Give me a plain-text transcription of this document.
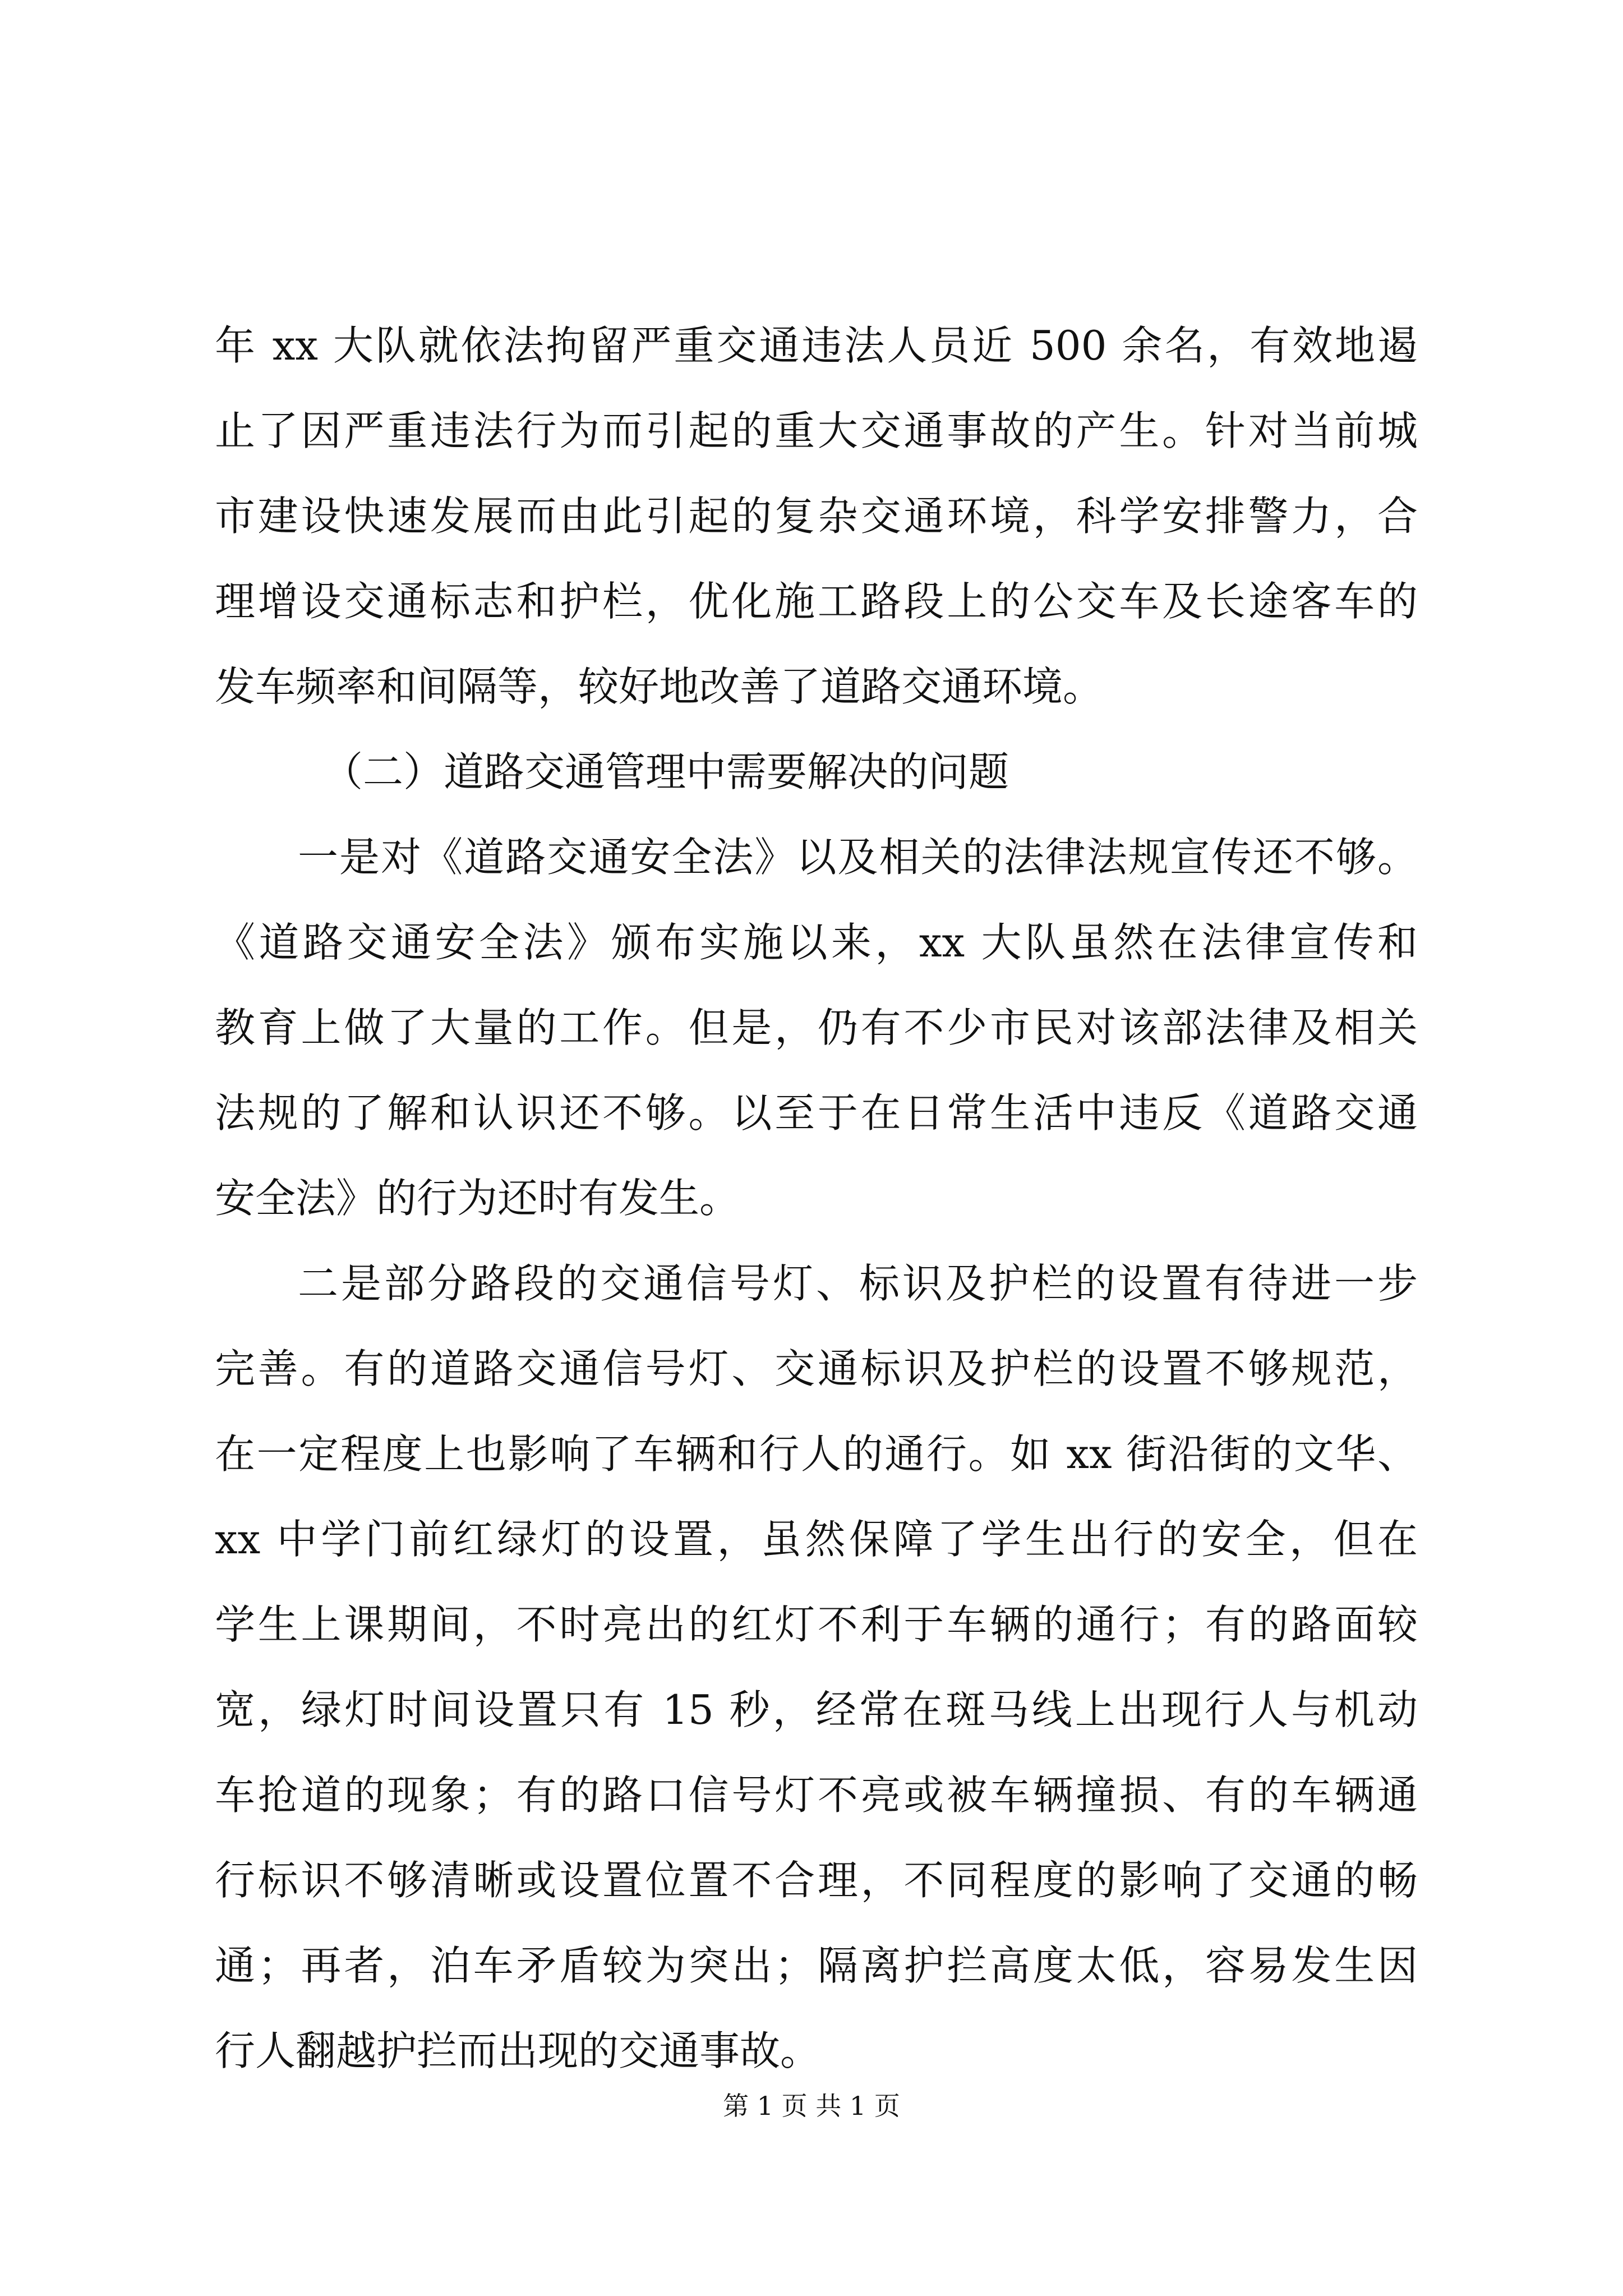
年 xx 大队就依法拘留严重交通违法人员近 500 余名，有效地遏
止了因严重违法行为而引起的重大交通事故的产生。针对当前城
市建设快速发展而由此引起的复杂交通环境，科学安排警力，合
理增设交通标志和护栏，优化施工路段上的公交车及长途客车的
发车频率和间隔等，较好地改善了道路交通环境。
（二）道路交通管理中需要解决的问题
一是对《道路交通安全法》以及相关的法律法规宣传还不够。
《道路交通安全法》颁布实施以来，xx 大队虽然在法律宣传和
教育上做了大量的工作。但是，仍有不少市民对该部法律及相关
法规的了解和认识还不够。以至于在日常生活中违反《道路交通
安全法》的行为还时有发生。
二是部分路段的交通信号灯、标识及护栏的设置有待进一步
完善。有的道路交通信号灯、交通标识及护栏的设置不够规范，
在一定程度上也影响了车辆和行人的通行。如 xx 街沿街的文华、
xx 中学门前红绿灯的设置，虽然保障了学生出行的安全，但在
学生上课期间，不时亮出的红灯不利于车辆的通行；有的路面较
宽，绿灯时间设置只有 15 秒，经常在斑马线上出现行人与机动
车抢道的现象；有的路口信号灯不亮或被车辆撞损、有的车辆通
行标识不够清晰或设置位置不合理，不同程度的影响了交通的畅
通；再者，泊车矛盾较为突出；隔离护拦高度太低，容易发生因
行人翻越护拦而出现的交通事故。
第 1 页 共 1 页
